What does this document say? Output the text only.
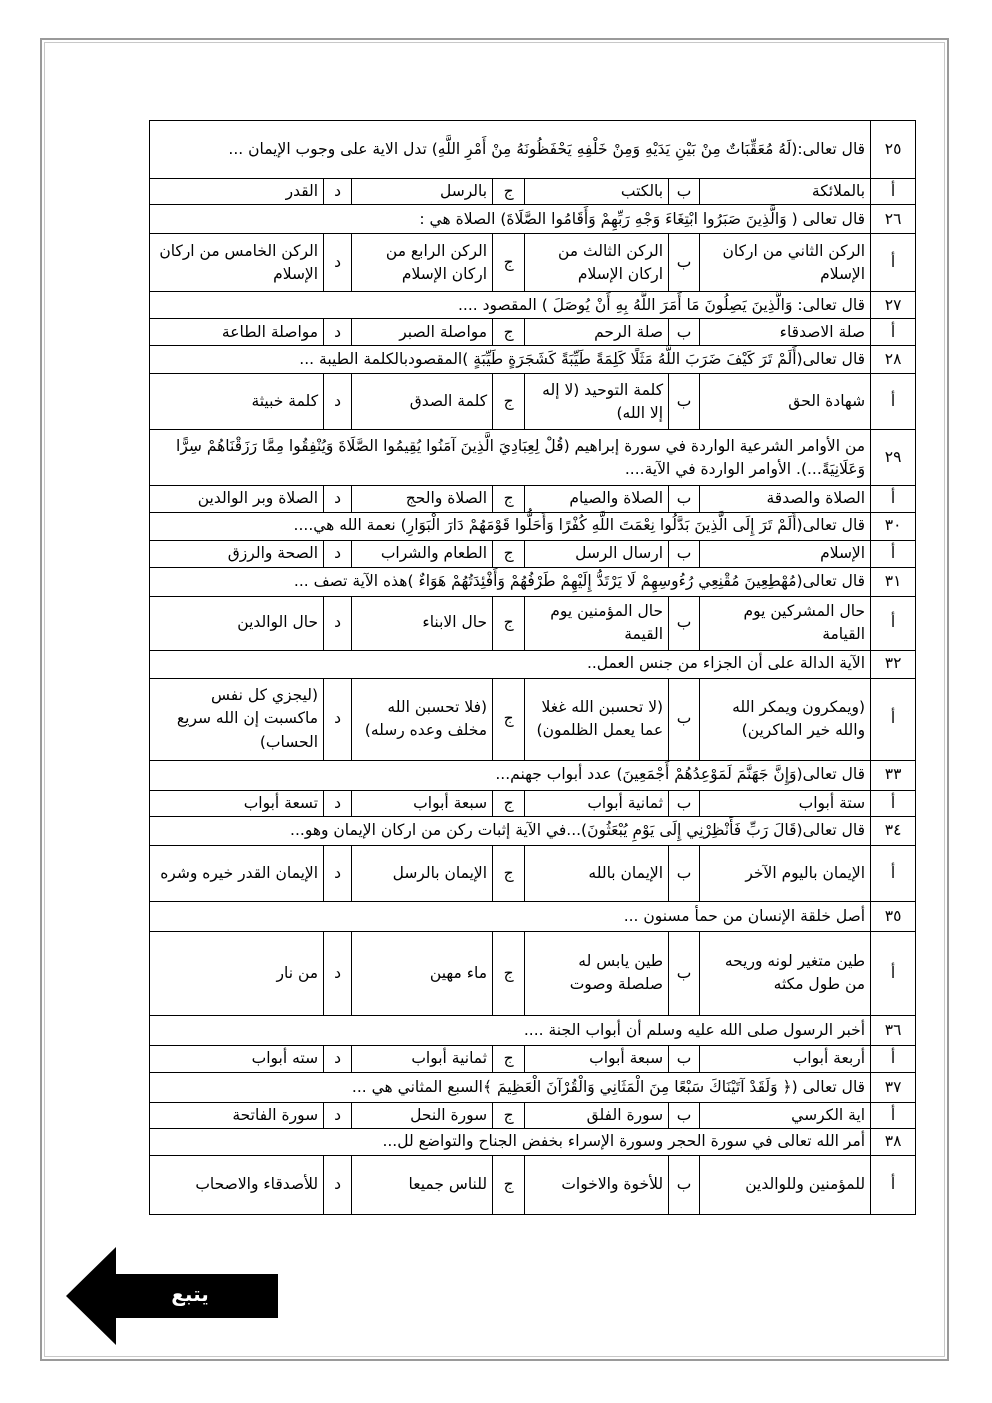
٢٥	قال تعالى:(لَهُ مُعَقِّبَاتٌ مِنْ بَيْنِ يَدَيْهِ وَمِنْ خَلْفِهِ يَحْفَظُونَهُ مِنْ أَمْرِ اللَّهِ) تدل الاية على وجوب الإيمان ...						
أ	بالملائكة	ب	بالكتب	ج	بالرسل	د	القدر
٢٦	قال تعالى ( وَالَّذِينَ صَبَرُوا ابْتِغَاءَ وَجْهِ رَبِّهِمْ وَأَقَامُوا الصَّلَاةَ) الصلاة هي :						
أ	الركن الثاني من اركان الإسلام	ب	الركن الثالث من اركان الإسلام	ج	الركن الرابع من اركان الإسلام	د	الركن الخامس من اركان الإسلام
٢٧	قال تعالى: وَالَّذِينَ يَصِلُونَ مَا أَمَرَ اللَّهُ بِهِ أَنْ يُوصَلَ ) المقصود ....						
أ	صلة الاصدقاء	ب	صلة الرحم	ج	مواصلة الصبر	د	مواصلة الطاعة
٢٨	قال تعالى(أَلَمْ تَرَ كَيْفَ ضَرَبَ اللَّهُ مَثَلًا كَلِمَةً طَيِّبَةً كَشَجَرَةٍ طَيِّبَةٍ )المقصودبالكلمة الطيبة ...						
أ	شهادة الحق	ب	كلمة التوحيد (لا إله إلا الله)	ج	كلمة الصدق	د	كلمة خبيثة
٢٩	من الأوامر الشرعية الواردة في سورة إبراهيم (قُلْ لِعِبَادِيَ الَّذِينَ آمَنُوا يُقِيمُوا الصَّلَاةَ وَيُنْفِقُوا مِمَّا رَزَقْنَاهُمْ سِرًّا وَعَلَانِيَةً...). الأوامر الواردة في الآية....						
أ	الصلاة والصدقة	ب	الصلاة والصيام	ج	الصلاة والحج	د	الصلاة وبر الوالدين
٣٠	قال تعالى(أَلَمْ تَرَ إِلَى الَّذِينَ بَدَّلُوا نِعْمَتَ اللَّهِ كُفْرًا وَأَحَلُّوا قَوْمَهُمْ دَارَ الْبَوَارِ) نعمة الله هي....						
أ	الإسلام	ب	ارسال الرسل	ج	الطعام والشراب	د	الصحة والرزق
٣١	قال تعالى(مُهْطِعِينَ مُقْنِعِي رُءُوسِهِمْ لَا يَرْتَدُّ إِلَيْهِمْ طَرْفُهُمْ وَأَفْئِدَتُهُمْ هَوَاءٌ )هذه الآية تصف ...						
أ	حال المشركين يوم القيامة	ب	حال المؤمنين يوم القيمة	ج	حال الابناء	د	حال الوالدين
٣٢	الآية الدالة على أن الجزاء من جنس العمل..						
أ	(ويمكرون ويمكر الله والله خير الماكرين)	ب	(لا تحسبن الله غغلا عما يعمل الظلمون)	ج	(فلا تحسبن الله مخلف وعده رسله)	د	(ليجزي كل نفس ماكسبت إن الله سريع الحساب)
٣٣	قال تعالى(وَإِنَّ جَهَنَّمَ لَمَوْعِدُهُمْ أَجْمَعِينَ) عدد أبواب جهنم...						
أ	ستة أبواب	ب	ثمانية أبواب	ج	سبعة أبواب	د	تسعة أبواب
٣٤	قال تعالى(قَالَ رَبِّ فَأَنْظِرْنِي إِلَى يَوْمِ يُبْعَثُونَ)...في الآية إثبات ركن من اركان الإيمان وهو...						
أ	الإيمان باليوم الآخر	ب	الإيمان بالله	ج	الإيمان بالرسل	د	الإيمان القدر خيره وشره
٣٥	أصل خلقة الإنسان من حمأ مسنون ...						
أ	طين متغير لونه وريحه من طول مكثه	ب	طين يابس له صلصلة وصوت	ج	ماء مهين	د	من نار
٣٦	أخبر الرسول صلى الله عليه وسلم أن أبواب الجنة ....						
أ	أربعة أبواب	ب	سبعة أبواب	ج	ثمانية أبواب	د	سته أبواب
٣٧	قال تعالى (﴿ وَلَقَدْ آتَيْنَاكَ سَبْعًا مِنَ الْمَثَانِي وَالْقُرْآنَ الْعَظِيمَ ﴾السبع المثاني هي ...						
أ	اية الكرسي	ب	سورة الفلق	ج	سورة النحل	د	سورة الفاتحة
٣٨	أمر الله تعالى في سورة الحجر وسورة الإسراء بخفض الجناح والتواضع لل...						
أ	للمؤمنين وللوالدين	ب	للأخوة والاخوات	ج	للناس جميعا	د	للأصدقاء والاصحاب
يتبع
